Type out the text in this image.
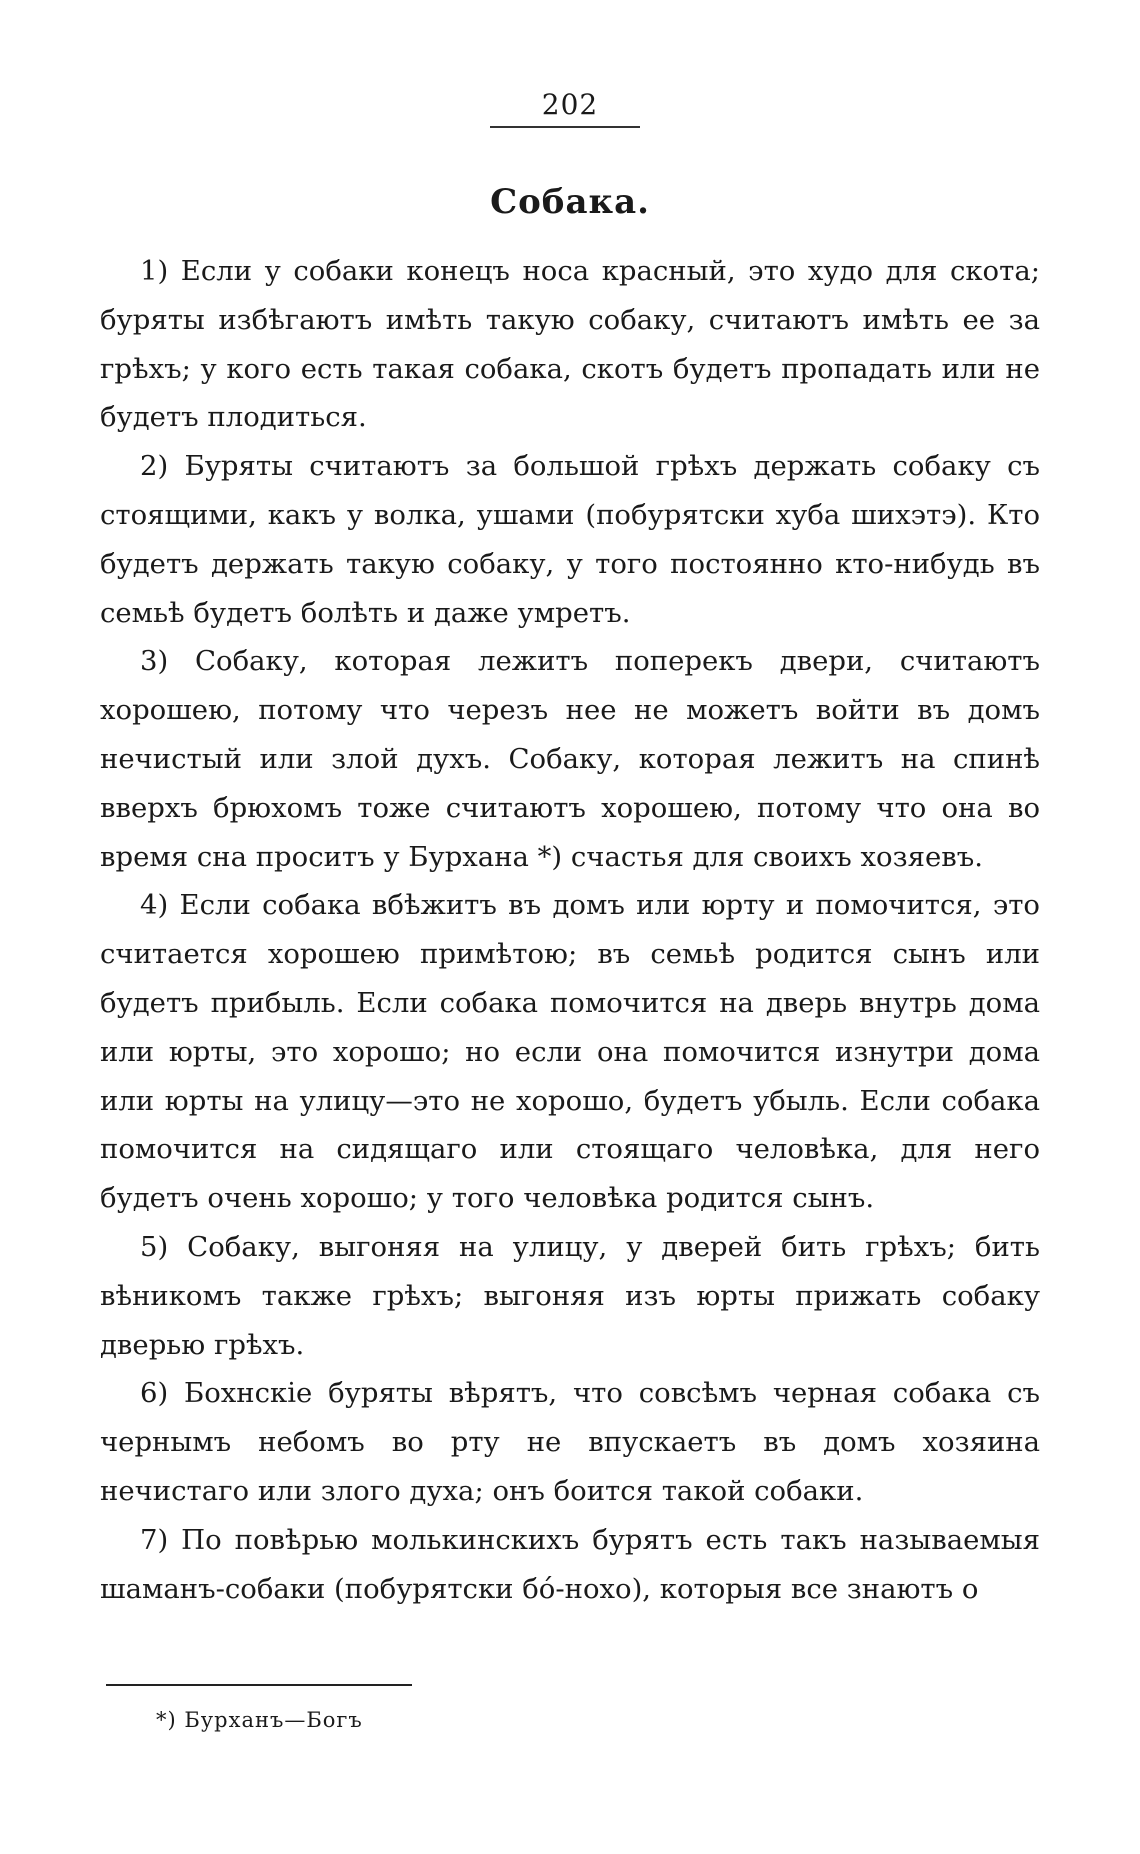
202
Собака.

1) Если у собаки конецъ носа красный, это худо для скота; буряты избѣгаютъ имѣть такую собаку, считаютъ имѣть ее за грѣхъ; у кого есть такая собака, скотъ будетъ пропадать или не будетъ плодиться.

2) Буряты считаютъ за большой грѣхъ держать собаку съ стоящими, какъ у волка, ушами (побурятски хуба шихэтэ). Кто будетъ держать такую собаку, у того постоянно кто-нибудь въ семьѣ будетъ болѣть и даже умретъ.

3) Собаку, которая лежитъ поперекъ двери, считаютъ хорошею, потому что черезъ нее не можетъ войти въ домъ нечистый или злой духъ. Собаку, которая лежитъ на спинѣ вверхъ брюхомъ тоже считаютъ хорошею, потому что она во время сна проситъ у Бурхана *) счастья для своихъ хозяевъ.

4) Если собака вбѣжитъ въ домъ или юрту и помочится, это считается хорошею примѣтою; въ семьѣ родится сынъ или будетъ прибыль. Если собака помочится на дверь внутрь дома или юрты, это хорошо; но если она помочится изнутри дома или юрты на улицу—это не хорошо, будетъ убыль. Если собака помочится на сидящаго или стоящаго человѣка, для него будетъ очень хорошо; у того человѣка родится сынъ.

5) Собаку, выгоняя на улицу, у дверей бить грѣхъ; бить вѣникомъ также грѣхъ; выгоняя изъ юрты прижать собаку дверью грѣхъ.

6) Бохнскіе буряты вѣрятъ, что совсѣмъ черная собака съ чернымъ небомъ во рту не впускаетъ въ домъ хозяина нечистаго или злого духа; онъ боится такой собаки.

7) По повѣрью молькинскихъ бурятъ есть такъ называемыя шаманъ-собаки (побурятски бо́-нохо), которыя все знаютъ о

*) Бурханъ—Богъ
